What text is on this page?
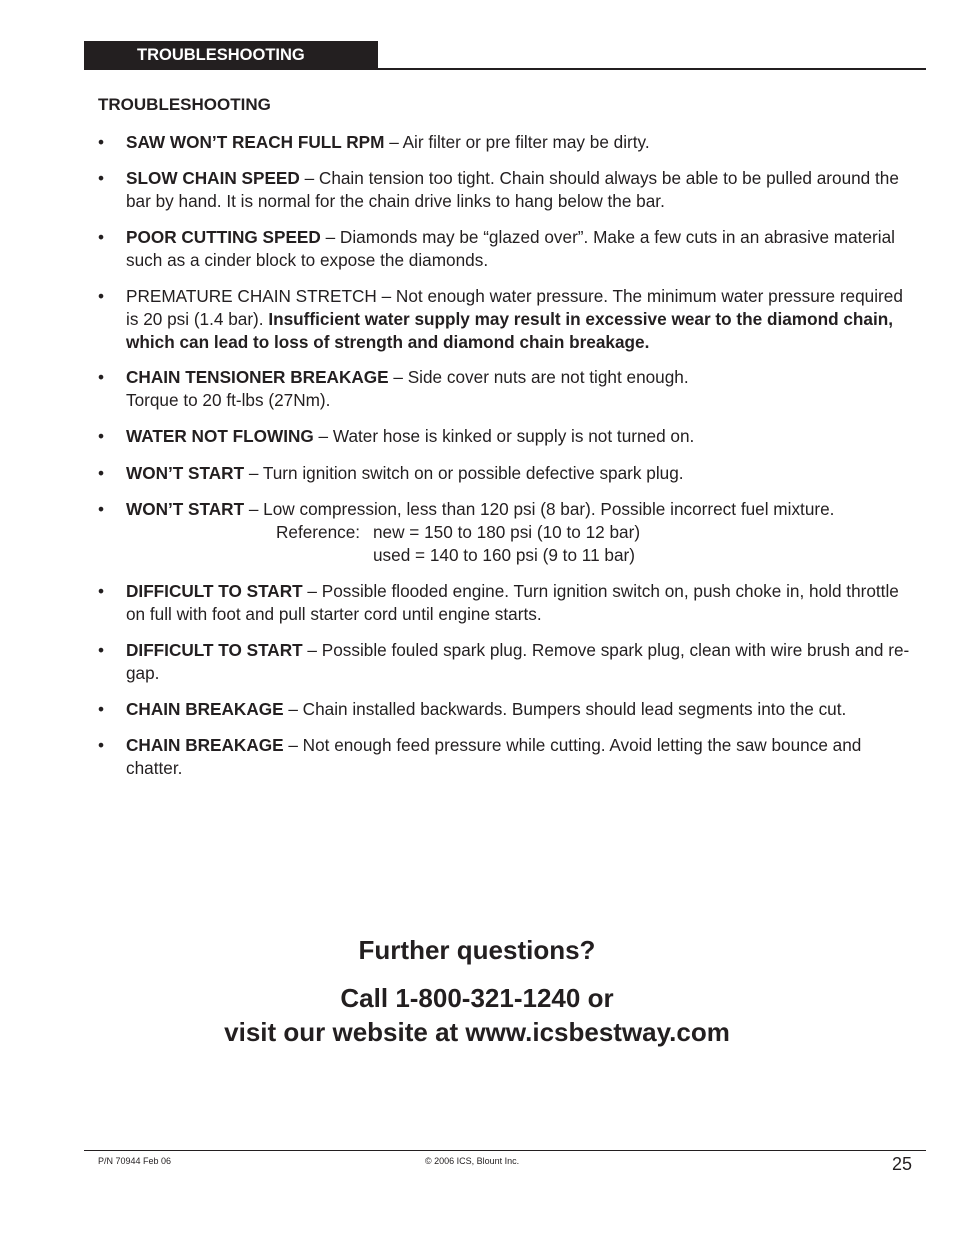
TROUBLESHOOTING
TROUBLESHOOTING
• SAW WON’T REACH FULL RPM – Air filter or pre filter may be dirty.
• SLOW CHAIN SPEED – Chain tension too tight. Chain should always be able to be pulled around the bar by hand. It is normal for the chain drive links to hang below the bar.
• POOR CUTTING SPEED – Diamonds may be “glazed over”. Make a few cuts in an abrasive material such as a cinder block to expose the diamonds.
• PREMATURE CHAIN STRETCH – Not enough water pressure. The minimum water pressure required is 20 psi (1.4 bar). Insufficient water supply may result in excessive wear to the diamond chain, which can lead to loss of strength and diamond chain breakage.
• CHAIN TENSIONER BREAKAGE – Side cover nuts are not tight enough.
Torque to 20 ft-lbs (27Nm).
• WATER NOT FLOWING – Water hose is kinked or supply is not turned on.
• WON’T START – Turn ignition switch on or possible defective spark plug.
• WON’T START – Low compression, less than 120 psi (8 bar). Possible incorrect fuel mixture.
Reference: new = 150 to 180 psi (10 to 12 bar)
used = 140 to 160 psi (9 to 11 bar)
• DIFFICULT TO START – Possible flooded engine. Turn ignition switch on, push choke in, hold throttle on full with foot and pull starter cord until engine starts.
• DIFFICULT TO START – Possible fouled spark plug. Remove spark plug, clean with wire brush and re-gap.
• CHAIN BREAKAGE – Chain installed backwards. Bumpers should lead segments into the cut.
• CHAIN BREAKAGE – Not enough feed pressure while cutting. Avoid letting the saw bounce and chatter.
Further questions?
Call 1-800-321-1240 or
visit our website at www.icsbestway.com
P/N 70944 Feb 06	© 2006 ICS, Blount Inc.	25
